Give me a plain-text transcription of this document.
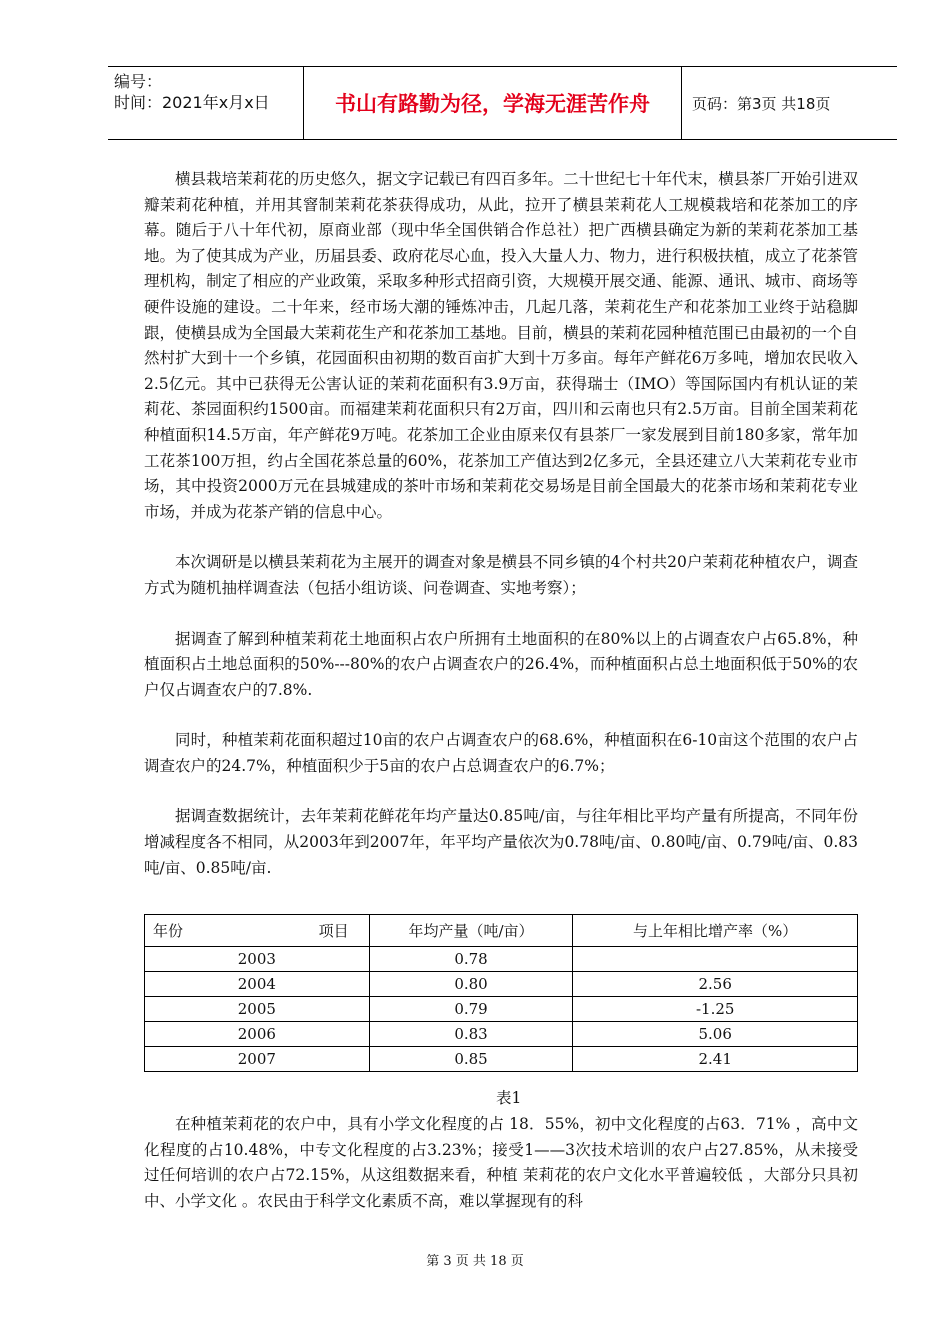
编号：
时间：2021年x月x日	书山有路勤为径，学海无涯苦作舟	页码：第3页 共18页

横县栽培茉莉花的历史悠久，据文字记载已有四百多年。二十世纪七十年代末，横县茶厂开始引进双瓣茉莉花种植，并用其窨制茉莉花茶获得成功，从此，拉开了横县茉莉花人工规模栽培和花茶加工的序幕。随后于八十年代初，原商业部（现中华全国供销合作总社）把广西横县确定为新的茉莉花茶加工基地。为了使其成为产业，历届县委、政府花尽心血，投入大量人力、物力，进行积极扶植，成立了花茶管理机构，制定了相应的产业政策，采取多种形式招商引资，大规模开展交通、能源、通讯、城市、商场等硬件设施的建设。二十年来，经市场大潮的锤炼冲击，几起几落，茉莉花生产和花茶加工业终于站稳脚跟，使横县成为全国最大茉莉花生产和花茶加工基地。目前，横县的茉莉花园种植范围已由最初的一个自然村扩大到十一个乡镇，花园面积由初期的数百亩扩大到十万多亩。每年产鲜花6万多吨，增加农民收入2.5亿元。其中已获得无公害认证的茉莉花面积有3.9万亩，获得瑞士（IMO）等国际国内有机认证的茉莉花、茶园面积约1500亩。而福建茉莉花面积只有2万亩，四川和云南也只有2.5万亩。目前全国茉莉花种植面积14.5万亩，年产鲜花9万吨。花茶加工企业由原来仅有县茶厂一家发展到目前180多家，常年加工花茶100万担，约占全国花茶总量的60%，花茶加工产值达到2亿多元，全县还建立八大茉莉花专业市场，其中投资2000万元在县城建成的茶叶市场和茉莉花交易场是目前全国最大的花茶市场和茉莉花专业市场，并成为花茶产销的信息中心。

本次调研是以横县茉莉花为主展开的调查对象是横县不同乡镇的4个村共20户茉莉花种植农户，调查方式为随机抽样调查法（包括小组访谈、问卷调查、实地考察）；

据调查了解到种植茉莉花土地面积占农户所拥有土地面积的在80%以上的占调查农户占65.8%，种植面积占土地总面积的50%---80%的农户占调查农户的26.4%，而种植面积占总土地面积低于50%的农户仅占调查农户的7.8%.

同时，种植茉莉花面积超过10亩的农户占调查农户的68.6%，种植面积在6-10亩这个范围的农户占调查农户的24.7%，种植面积少于5亩的农户占总调查农户的6.7%；

据调查数据统计，去年茉莉花鲜花年均产量达0.85吨/亩，与往年相比平均产量有所提高，不同年份增减程度各不相同，从2003年到2007年，年平均产量依次为0.78吨/亩、0.80吨/亩、0.79吨/亩、0.83吨/亩、0.85吨/亩.

年份 项目	年均产量（吨/亩）	与上年相比增产率（%）
2003	0.78	
2004	0.80	2.56
2005	0.79	-1.25
2006	0.83	5.06
2007	0.85	2.41
表1

在种植茉莉花的农户中，具有小学文化程度的占 18．55%，初中文化程度的占63．71% ，高中文化程度的占10.48%，中专文化程度的占3.23%；接受1——3次技术培训的农户占27.85%，从未接受过任何培训的农户占72.15%，从这组数据来看，种植 茉莉花的农户文化水平普遍较低 ，大部分只具初中、小学文化 。农民由于科学文化素质不高，难以掌握现有的科

第 3 页 共 18 页
